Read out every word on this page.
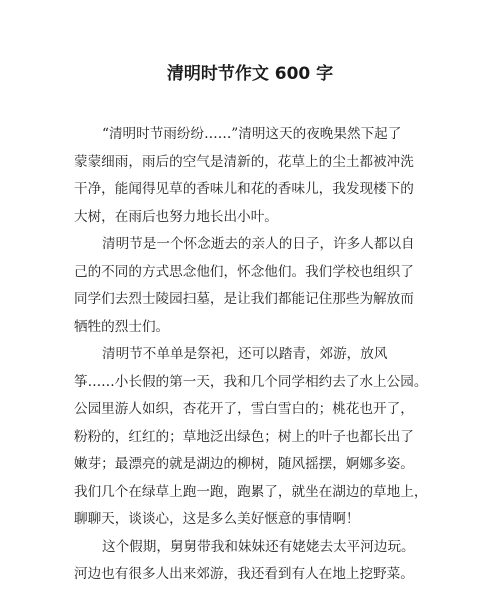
清明时节作文 600 字
“清明时节雨纷纷……”清明这天的夜晚果然下起了
蒙蒙细雨，雨后的空气是清新的，花草上的尘土都被冲洗
干净，能闻得见草的香味儿和花的香味儿，我发现楼下的
大树，在雨后也努力地长出小叶。
清明节是一个怀念逝去的亲人的日子，许多人都以自
己的不同的方式思念他们，怀念他们。我们学校也组织了
同学们去烈士陵园扫墓，是让我们都能记住那些为解放而
牺牲的烈士们。
清明节不单单是祭祀，还可以踏青，郊游，放风
筝……小长假的第一天，我和几个同学相约去了水上公园。
公园里游人如织，杏花开了，雪白雪白的；桃花也开了，
粉粉的，红红的；草地泛出绿色；树上的叶子也都长出了
嫩芽；最漂亮的就是湖边的柳树，随风摇摆，婀娜多姿。
我们几个在绿草上跑一跑，跑累了，就坐在湖边的草地上，
聊聊天，谈谈心，这是多么美好惬意的事情啊！
这个假期，舅舅带我和妹妹还有姥姥去太平河边玩。
河边也有很多人出来郊游，我还看到有人在地上挖野菜。
